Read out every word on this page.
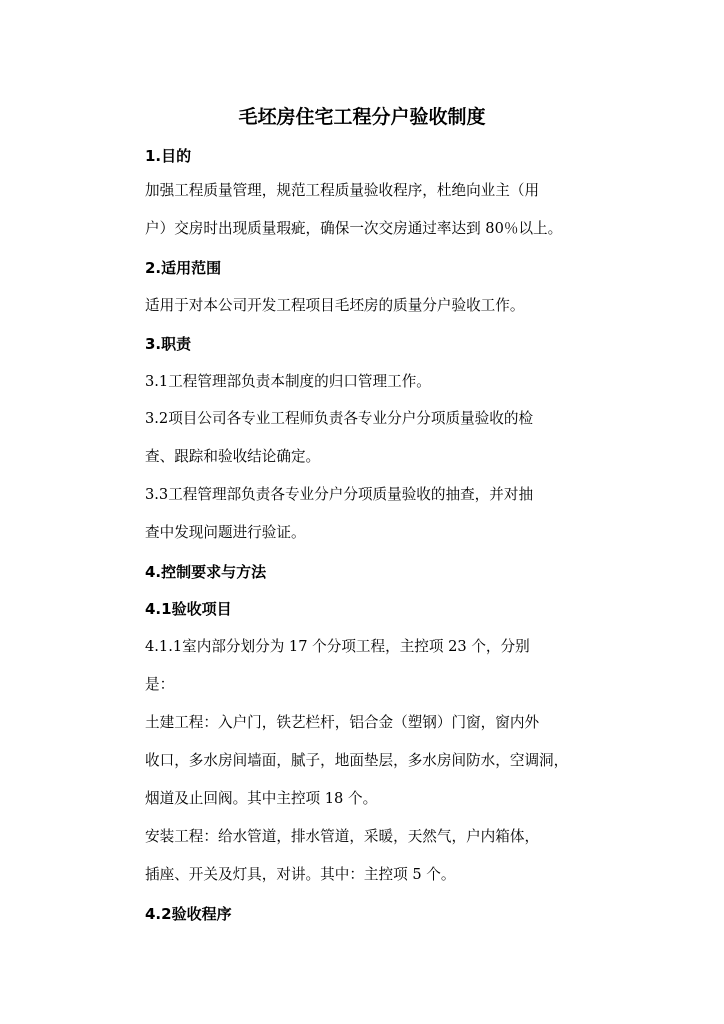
毛坯房住宅工程分户验收制度
1.目的

加强工程质量管理，规范工程质量验收程序，杜绝向业主（用
户）交房时出现质量瑕疵，确保一次交房通过率达到 80％以上。

2.适用范围

适用于对本公司开发工程项目毛坯房的质量分户验收工作。

3.职责

3.1工程管理部负责本制度的归口管理工作。

3.2项目公司各专业工程师负责各专业分户分项质量验收的检
查、跟踪和验收结论确定。

3.3工程管理部负责各专业分户分项质量验收的抽查，并对抽
查中发现问题进行验证。

4.控制要求与方法
4.1验收项目

4.1.1室内部分划分为 17 个分项工程，主控项 23 个，分别
是：

土建工程：入户门，铁艺栏杆，铝合金（塑钢）门窗，窗内外
收口，多水房间墙面，腻子，地面垫层，多水房间防水，空调洞，
烟道及止回阀。其中主控项 18 个。

安装工程：给水管道，排水管道，采暖，天然气，户内箱体，
插座、开关及灯具，对讲。其中：主控项 5 个。

4.2验收程序
